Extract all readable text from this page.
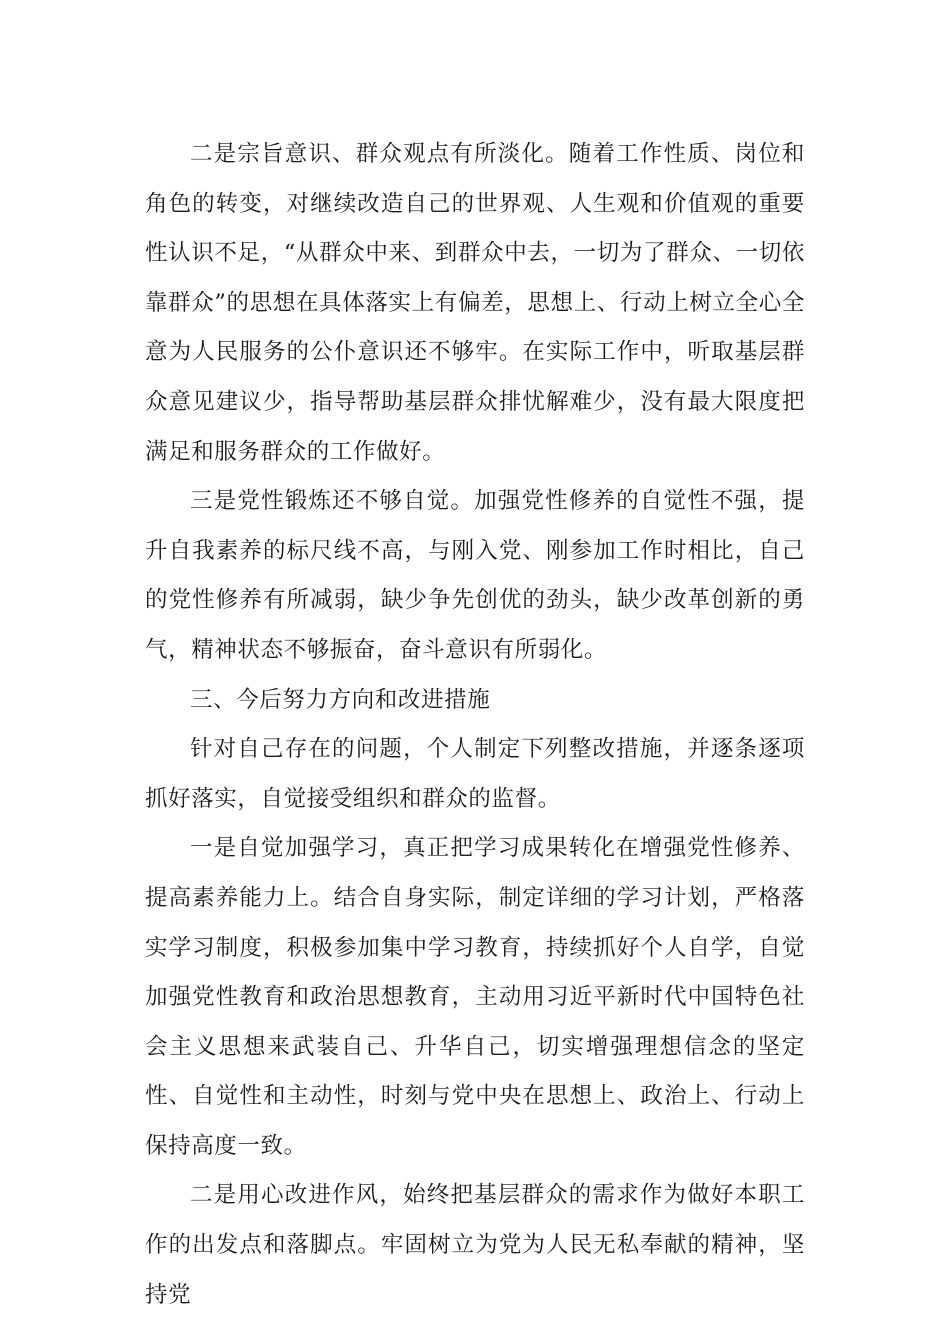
二是宗旨意识、群众观点有所淡化。随着工作性质、岗位和角色的转变，对继续改造自己的世界观、人生观和价值观的重要性认识不足，“从群众中来、到群众中去，一切为了群众、一切依靠群众”的思想在具体落实上有偏差，思想上、行动上树立全心全意为人民服务的公仆意识还不够牢。在实际工作中，听取基层群众意见建议少，指导帮助基层群众排忧解难少，没有最大限度把满足和服务群众的工作做好。

三是党性锻炼还不够自觉。加强党性修养的自觉性不强，提升自我素养的标尺线不高，与刚入党、刚参加工作时相比，自己的党性修养有所减弱，缺少争先创优的劲头，缺少改革创新的勇气，精神状态不够振奋，奋斗意识有所弱化。

三、今后努力方向和改进措施

针对自己存在的问题，个人制定下列整改措施，并逐条逐项抓好落实，自觉接受组织和群众的监督。

一是自觉加强学习，真正把学习成果转化在增强党性修养、提高素养能力上。结合自身实际，制定详细的学习计划，严格落实学习制度，积极参加集中学习教育，持续抓好个人自学，自觉加强党性教育和政治思想教育，主动用习近平新时代中国特色社会主义思想来武装自己、升华自己，切实增强理想信念的坚定性、自觉性和主动性，时刻与党中央在思想上、政治上、行动上保持高度一致。

二是用心改进作风，始终把基层群众的需求作为做好本职工作的出发点和落脚点。牢固树立为党为人民无私奉献的精神，坚持党
